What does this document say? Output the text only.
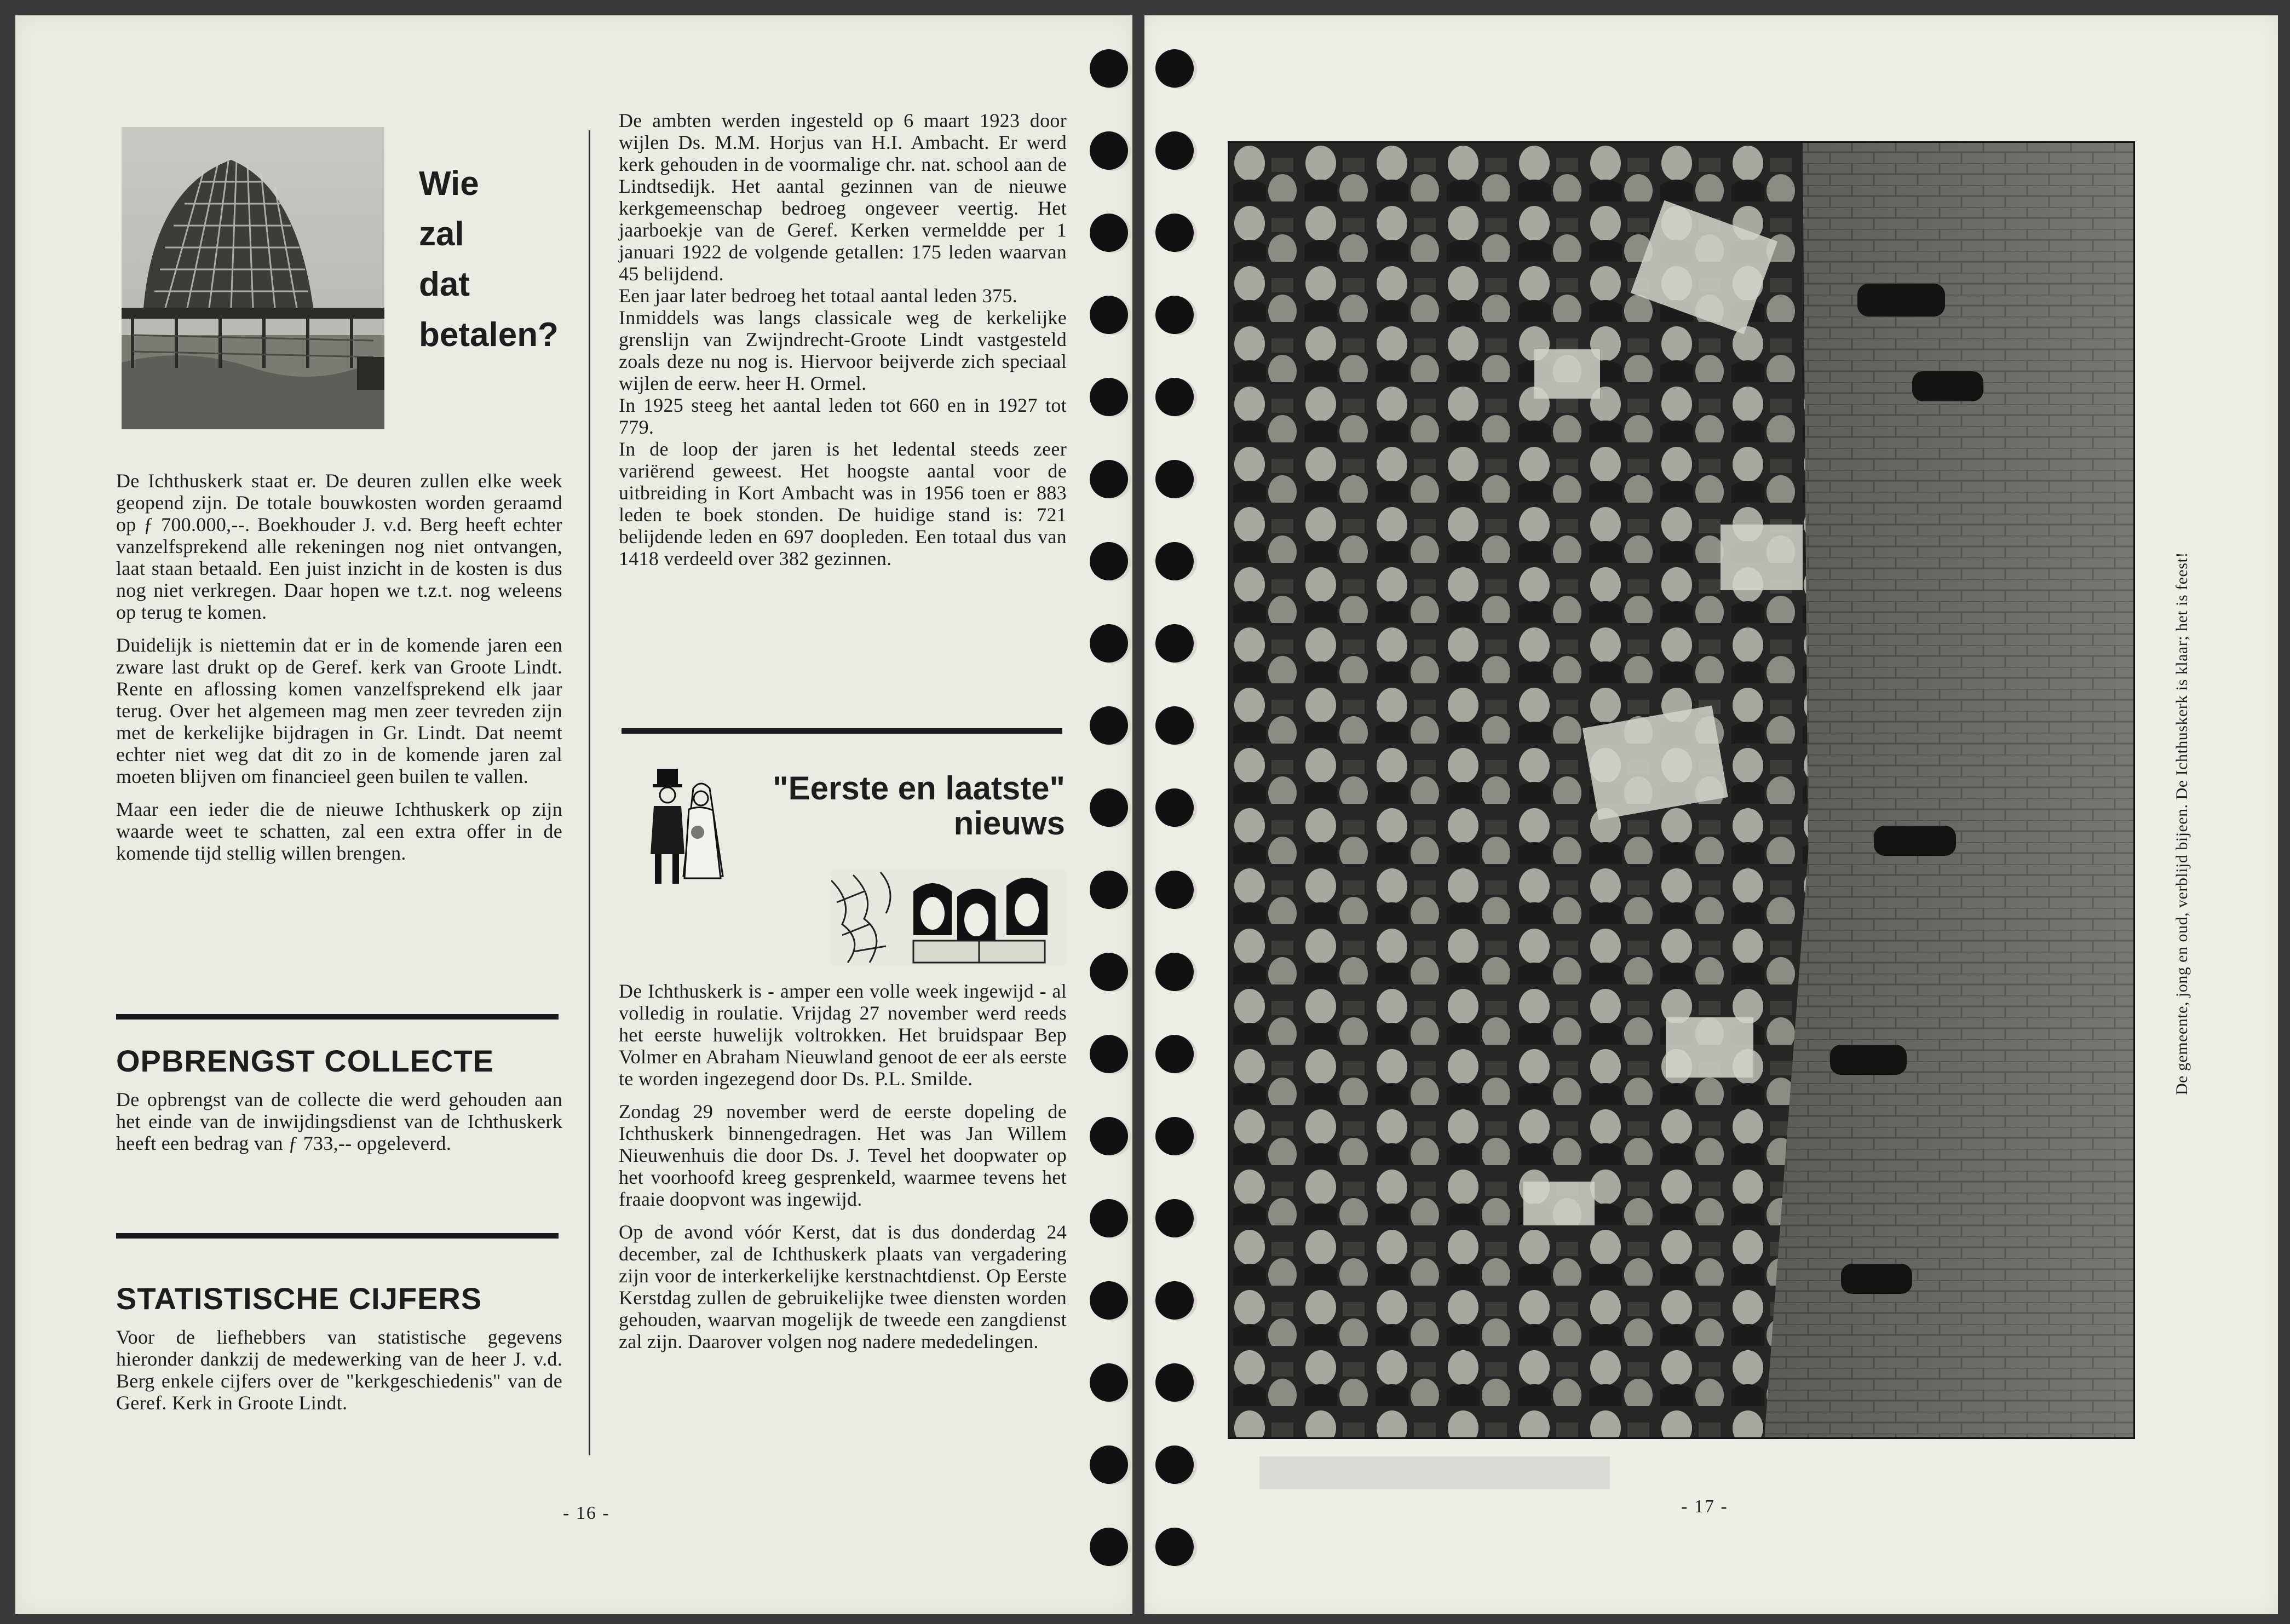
Wie

zal

dat

betalen?

De Ichthuskerk staat er. De deuren zullen elke week geopend zijn. De totale bouwkosten worden geraamd op ƒ 700.000,--. Boekhouder J. v.d. Berg heeft echter vanzelfsprekend alle rekeningen nog niet ontvangen, laat staan betaald. Een juist inzicht in de kosten is dus nog niet verkregen. Daar hopen we t.z.t. nog weleens op terug te komen.

Duidelijk is niettemin dat er in de komende jaren een zware last drukt op de Geref. kerk van Groote Lindt. Rente en aflossing komen vanzelfsprekend elk jaar terug. Over het algemeen mag men zeer tevreden zijn met de kerkelijke bijdragen in Gr. Lindt. Dat neemt echter niet weg dat dit zo in de komende jaren zal moeten blijven om financieel geen builen te vallen.

Maar een ieder die de nieuwe Ichthuskerk op zijn waarde weet te schatten, zal een extra offer in de komende tijd stellig willen brengen.

OPBRENGST COLLECTE

De opbrengst van de collecte die werd gehouden aan het einde van de inwijdingsdienst van de Ichthuskerk heeft een bedrag van ƒ 733,-- opgeleverd.

STATISTISCHE CIJFERS

Voor de liefhebbers van statistische gegevens hieronder dankzij de medewerking van de heer J. v.d. Berg enkele cijfers over de "kerkgeschiedenis" van de Geref. Kerk in Groote Lindt.

De ambten werden ingesteld op 6 maart 1923 door wijlen Ds. M.M. Horjus van H.I. Ambacht. Er werd kerk gehouden in de voormalige chr. nat. school aan de Lindtsedijk. Het aantal gezinnen van de nieuwe kerkgemeenschap bedroeg ongeveer veertig. Het jaarboekje van de Geref. Kerken vermeldde per 1 januari 1922 de volgende getallen: 175 leden waarvan 45 belijdend.

Een jaar later bedroeg het totaal aantal leden 375.

Inmiddels was langs classicale weg de kerkelijke grenslijn van Zwijndrecht-Groote Lindt vastgesteld zoals deze nu nog is. Hiervoor beijverde zich speciaal wijlen de eerw. heer H. Ormel.

In 1925 steeg het aantal leden tot 660 en in 1927 tot 779.

In de loop der jaren is het ledental steeds zeer variërend geweest. Het hoogste aantal voor de uitbreiding in Kort Ambacht was in 1956 toen er 883 leden te boek stonden. De huidige stand is: 721 belijdende leden en 697 doopleden. Een totaal dus van 1418 verdeeld over 382 gezinnen.

"Eerste en laatste"
nieuws

De Ichthuskerk is - amper een volle week ingewijd - al volledig in roulatie. Vrijdag 27 november werd reeds het eerste huwelijk voltrokken. Het bruidspaar Bep Volmer en Abraham Nieuwland genoot de eer als eerste te worden ingezegend door Ds. P.L. Smilde.

Zondag 29 november werd de eerste dopeling de Ichthuskerk binnengedragen. Het was Jan Willem Nieuwenhuis die door Ds. J. Tevel het doopwater op het voorhoofd kreeg gesprenkeld, waarmee tevens het fraaie doopvont was ingewijd.

Op de avond vóór Kerst, dat is dus donderdag 24 december, zal de Ichthuskerk plaats van vergadering zijn voor de interkerkelijke kerstnachtdienst. Op Eerste Kerstdag zullen de gebruikelijke twee diensten worden gehouden, waarvan mogelijk de tweede een zangdienst zal zijn. Daarover volgen nog nadere mededelingen.

- 16 -
De gemeente, jong en oud, verblijd bijeen. De Ichthuskerk is klaar; het is feest!
- 17 -
